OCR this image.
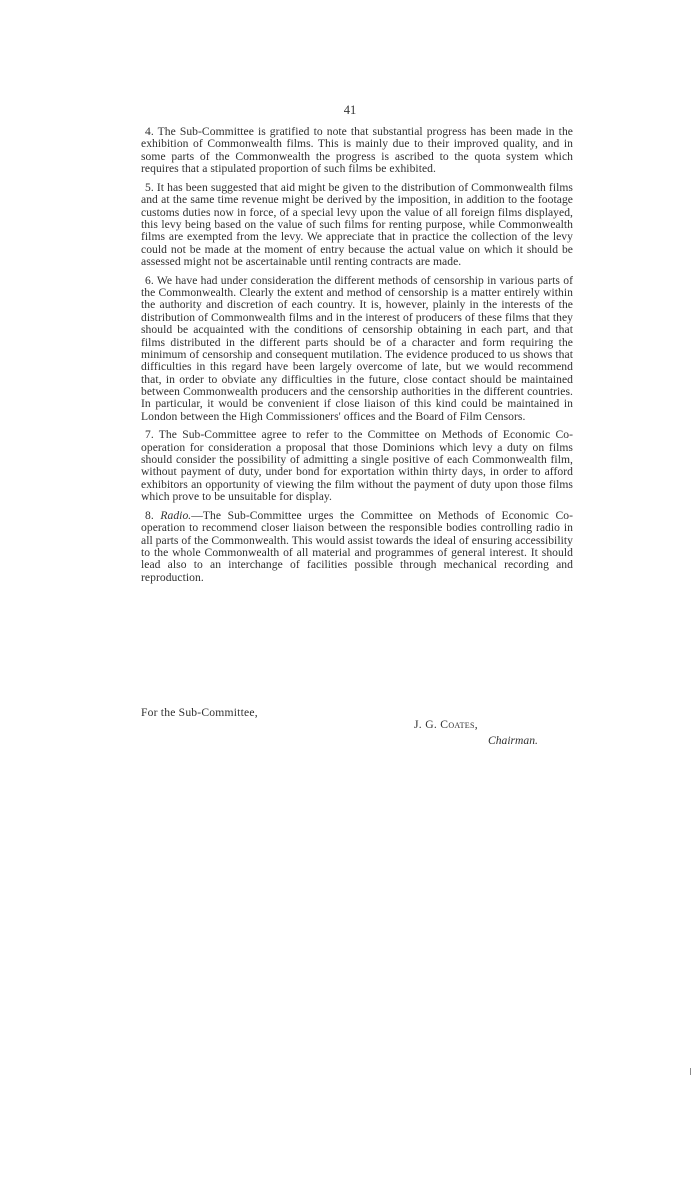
41

4. The Sub-Committee is gratified to note that substantial progress has been made in the exhibition of Commonwealth films. This is mainly due to their improved quality, and in some parts of the Commonwealth the progress is ascribed to the quota system which requires that a stipulated proportion of such films be exhibited.

5. It has been suggested that aid might be given to the distribution of Commonwealth films and at the same time revenue might be derived by the imposition, in addition to the footage customs duties now in force, of a special levy upon the value of all foreign films displayed, this levy being based on the value of such films for renting purpose, while Commonwealth films are exempted from the levy. We appreciate that in practice the collection of the levy could not be made at the moment of entry because the actual value on which it should be assessed might not be ascertainable until renting contracts are made.

6. We have had under consideration the different methods of censorship in various parts of the Commonwealth. Clearly the extent and method of censorship is a matter entirely within the authority and discretion of each country. It is, however, plainly in the interests of the distribution of Commonwealth films and in the interest of producers of these films that they should be acquainted with the conditions of censorship obtaining in each part, and that films distributed in the different parts should be of a character and form requiring the minimum of censorship and consequent mutilation. The evidence produced to us shows that difficulties in this regard have been largely overcome of late, but we would recommend that, in order to obviate any difficulties in the future, close contact should be maintained between Commonwealth producers and the censorship authorities in the different countries. In particular, it would be convenient if close liaison of this kind could be maintained in London between the High Commissioners' offices and the Board of Film Censors.

7. The Sub-Committee agree to refer to the Committee on Methods of Economic Co-operation for consideration a proposal that those Dominions which levy a duty on films should consider the possibility of admitting a single positive of each Commonwealth film, without payment of duty, under bond for exportation within thirty days, in order to afford exhibitors an opportunity of viewing the film without the payment of duty upon those films which prove to be unsuitable for display.

8. Radio.—The Sub-Committee urges the Committee on Methods of Economic Co-operation to recommend closer liaison between the responsible bodies controlling radio in all parts of the Commonwealth. This would assist towards the ideal of ensuring accessibility to the whole Commonwealth of all material and programmes of general interest. It should lead also to an interchange of facilities possible through mechanical recording and reproduction.

For the Sub-Committee,
J. G. Coates,
Chairman.
